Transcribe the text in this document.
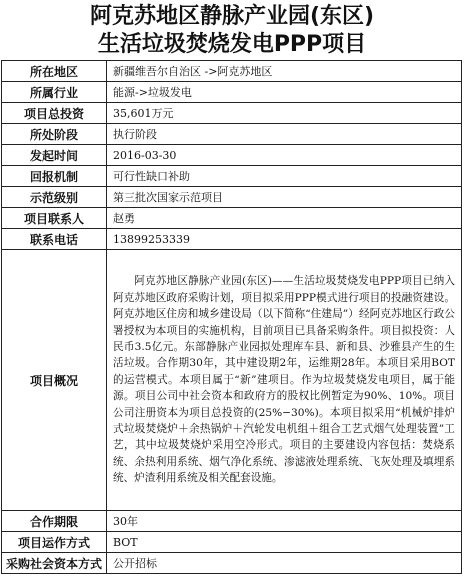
阿克苏地区静脉产业园(东区)
生活垃圾焚烧发电PPP项目
所在地区	新疆维吾尔自治区 ->阿克苏地区
所属行业	能源->垃圾发电
项目总投资	35,601万元
所处阶段	执行阶段
发起时间	2016-03-30
回报机制	可行性缺口补助
示范级别	第三批次国家示范项目
项目联系人	赵勇
联系电话	13899253339
项目概况	阿克苏地区静脉产业园(东区)——生活垃圾焚烧发电PPP项目已纳入阿克苏地区政府采购计划，项目拟采用PPP模式进行项目的投融资建设。阿克苏地区住房和城乡建设局（以下简称“住建局”）经阿克苏地区行政公署授权为本项目的实施机构，目前项目已具备采购条件。项目拟投资：人民币3.5亿元。东部静脉产业园拟处理库车县、新和县、沙雅县产生的生活垃圾。合作期30年，其中建设期2年，运维期28年。本项目采用BOT的运营模式。本项目属于“新”建项目。作为垃圾焚烧发电项目，属于能源。项目公司中社会资本和政府方的股权比例暂定为90%、10%。项目公司注册资本为项目总投资的(25%−30%)。本项目拟采用“机械炉排炉式垃圾焚烧炉＋余热锅炉＋汽轮发电机组＋组合工艺式烟气处理装置”工艺，其中垃圾焚烧炉采用空冷形式。项目的主要建设内容包括：焚烧系统、余热利用系统、烟气净化系统、渗滤液处理系统、飞灰处理及填埋系统、炉渣利用系统及相关配套设施。
合作期限	30年
项目运作方式	BOT
采购社会资本方式	公开招标
